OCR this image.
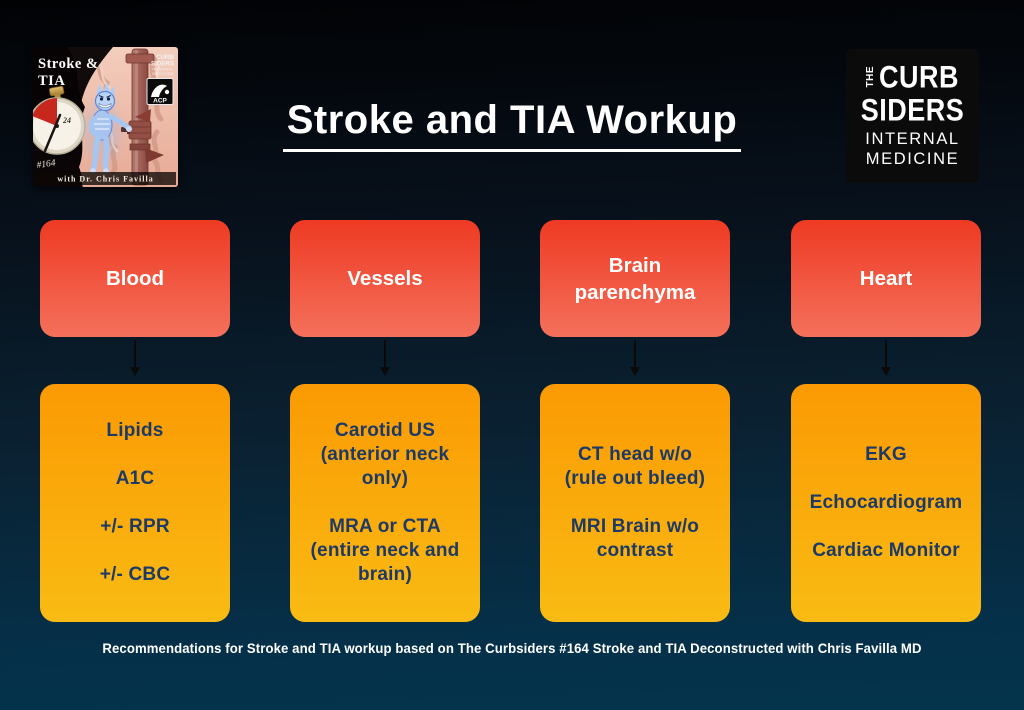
24
#164
Stroke &
TIA
CURB
SIDERS
INTERNAL
MEDICINE
ACP
with Dr. Chris Favilla
Stroke and TIA Workup
THE CURB
SIDERS
INTERNAL
MEDICINE
Blood
Lipids

A1C

+/- RPR

+/- CBC
Vessels
Carotid US
(anterior neck
only)

MRA or CTA
(entire neck and
brain)
Brain parenchyma
CT head w/o
(rule out bleed)

MRI Brain w/o
contrast
Heart
EKG

Echocardiogram

Cardiac Monitor
Recommendations for Stroke and TIA workup based on The Curbsiders #164 Stroke and TIA Deconstructed with Chris Favilla MD
